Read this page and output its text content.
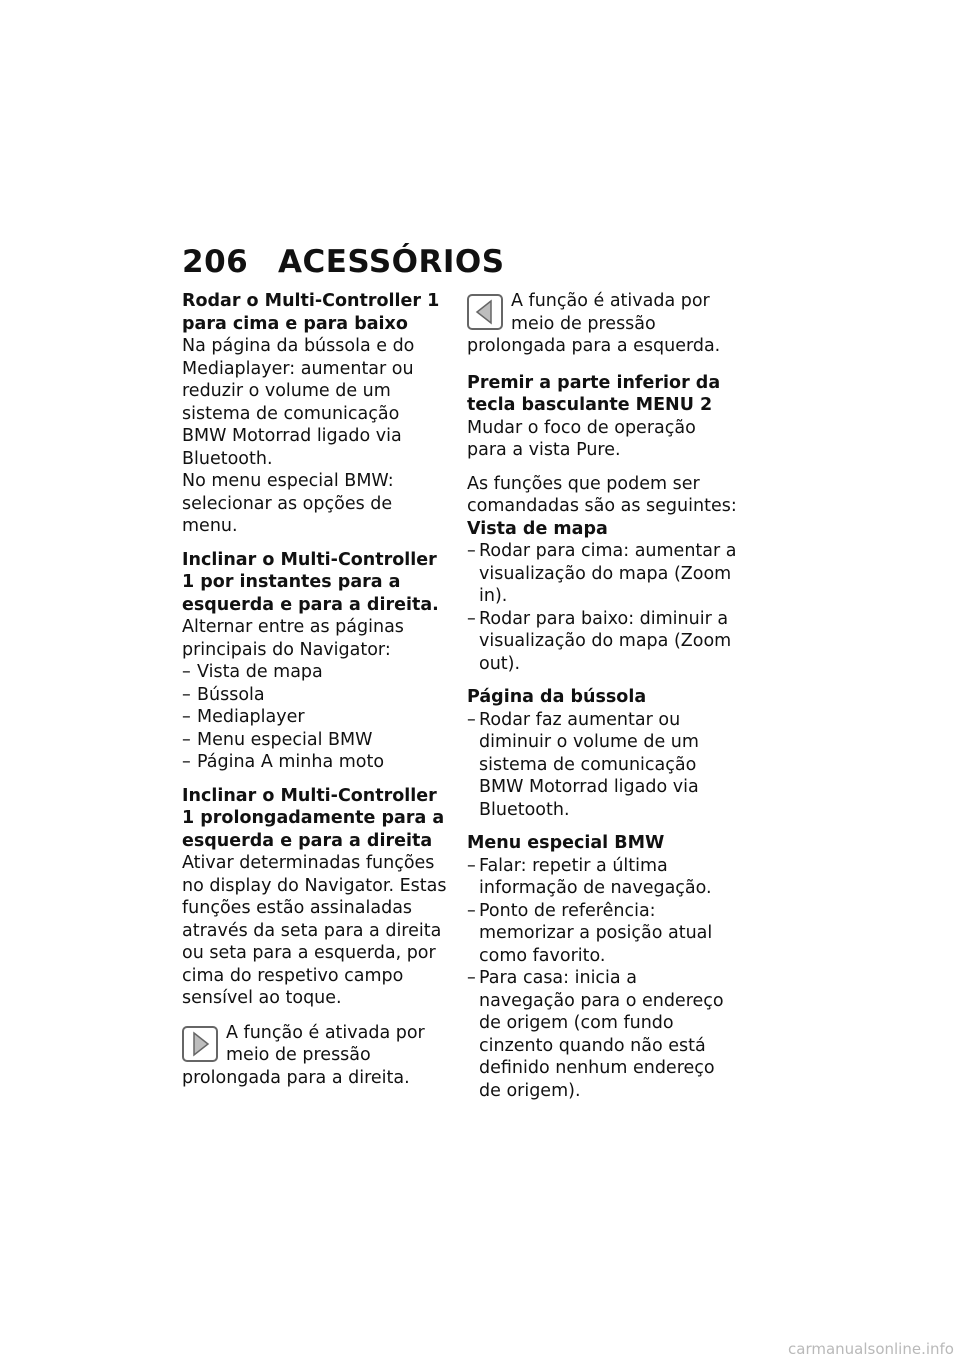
206 ACESSÓRIOS
Rodar o Multi-Controller 1 para cima e para baixo
Na página da bússola e do Mediaplayer: aumentar ou reduzir o volume de um sistema de comunicação BMW Motorrad ligado via Bluetooth.
No menu especial BMW: selecionar as opções de menu.
Inclinar o Multi-Controller 1 por instantes para a esquerda e para a direita.
Alternar entre as páginas principais do Navigator:
– Vista de mapa
– Bússola
– Mediaplayer
– Menu especial BMW
– Página A minha moto
Inclinar o Multi-Controller 1 prolongadamente para a esquerda e para a direita
Ativar determinadas funções no display do Navigator. Estas funções estão assinaladas através da seta para a direita ou seta para a esquerda, por cima do respetivo campo sensível ao toque.
A função é ativada por meio de pressão prolongada para a direita.
A função é ativada por meio de pressão prolongada para a esquerda.
Premir a parte inferior da tecla basculante MENU 2
Mudar o foco de operação para a vista Pure.
As funções que podem ser comandadas são as seguintes:
Vista de mapa
– Rodar para cima: aumentar a visualização do mapa (Zoom in).
– Rodar para baixo: diminuir a visualização do mapa (Zoom out).
Página da bússola
– Rodar faz aumentar ou diminuir o volume de um sistema de comunicação BMW Motorrad ligado via Bluetooth.
Menu especial BMW
– Falar: repetir a última informação de navegação.
– Ponto de referência: memorizar a posição atual como favorito.
– Para casa: inicia a navegação para o endereço de origem (com fundo cinzento quando não está definido nenhum endereço de origem).
carmanualsonline.info
